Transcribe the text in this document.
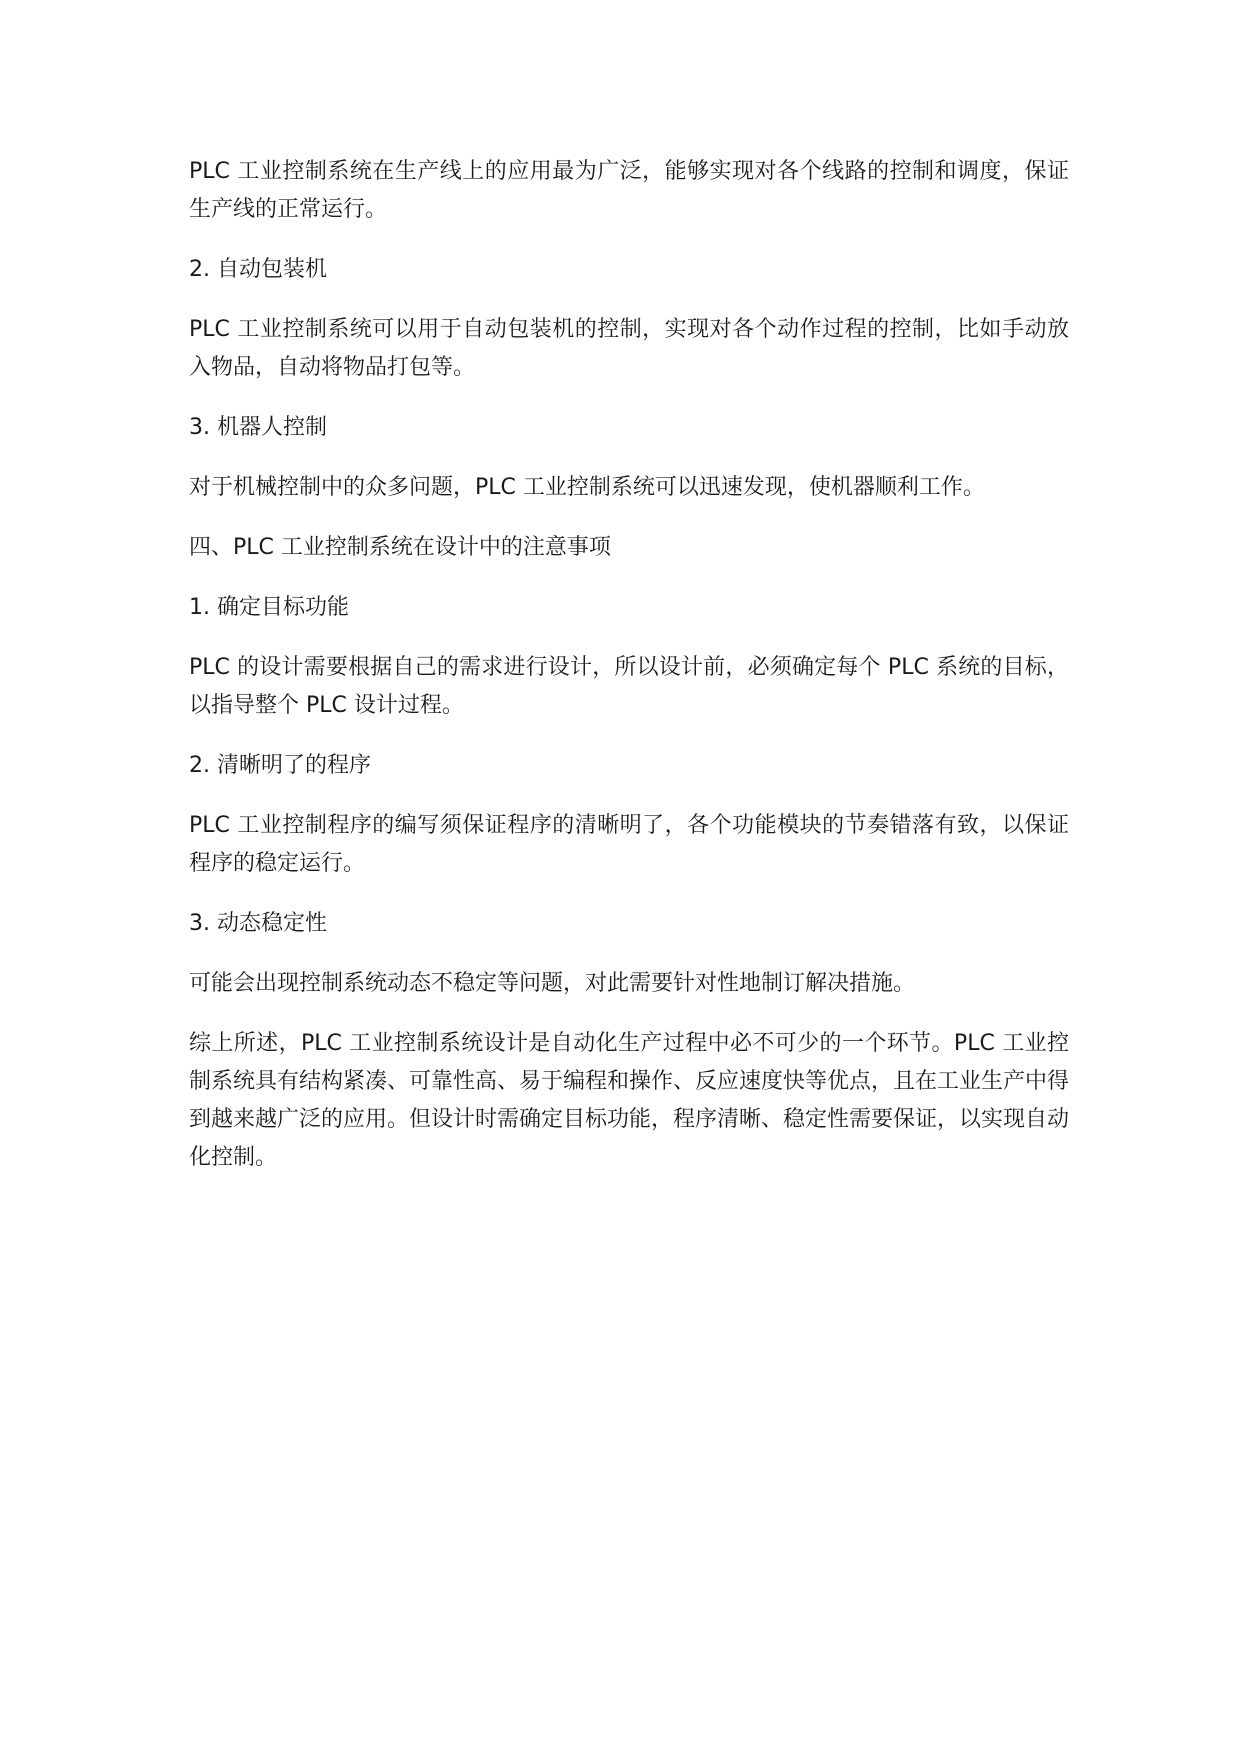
PLC 工业控制系统在生产线上的应用最为广泛，能够实现对各个线路的控制和调度，保证生产线的正常运行。

2. 自动包装机

PLC 工业控制系统可以用于自动包装机的控制，实现对各个动作过程的控制，比如手动放入物品，自动将物品打包等。

3. 机器人控制

对于机械控制中的众多问题，PLC 工业控制系统可以迅速发现，使机器顺利工作。

四、PLC 工业控制系统在设计中的注意事项

1. 确定目标功能

PLC 的设计需要根据自己的需求进行设计，所以设计前，必须确定每个 PLC 系统的目标，以指导整个 PLC 设计过程。

2. 清晰明了的程序

PLC 工业控制程序的编写须保证程序的清晰明了，各个功能模块的节奏错落有致，以保证程序的稳定运行。

3. 动态稳定性

可能会出现控制系统动态不稳定等问题，对此需要针对性地制订解决措施。

综上所述，PLC 工业控制系统设计是自动化生产过程中必不可少的一个环节。PLC 工业控制系统具有结构紧凑、可靠性高、易于编程和操作、反应速度快等优点，且在工业生产中得到越来越广泛的应用。但设计时需确定目标功能，程序清晰、稳定性需要保证，以实现自动化控制。
